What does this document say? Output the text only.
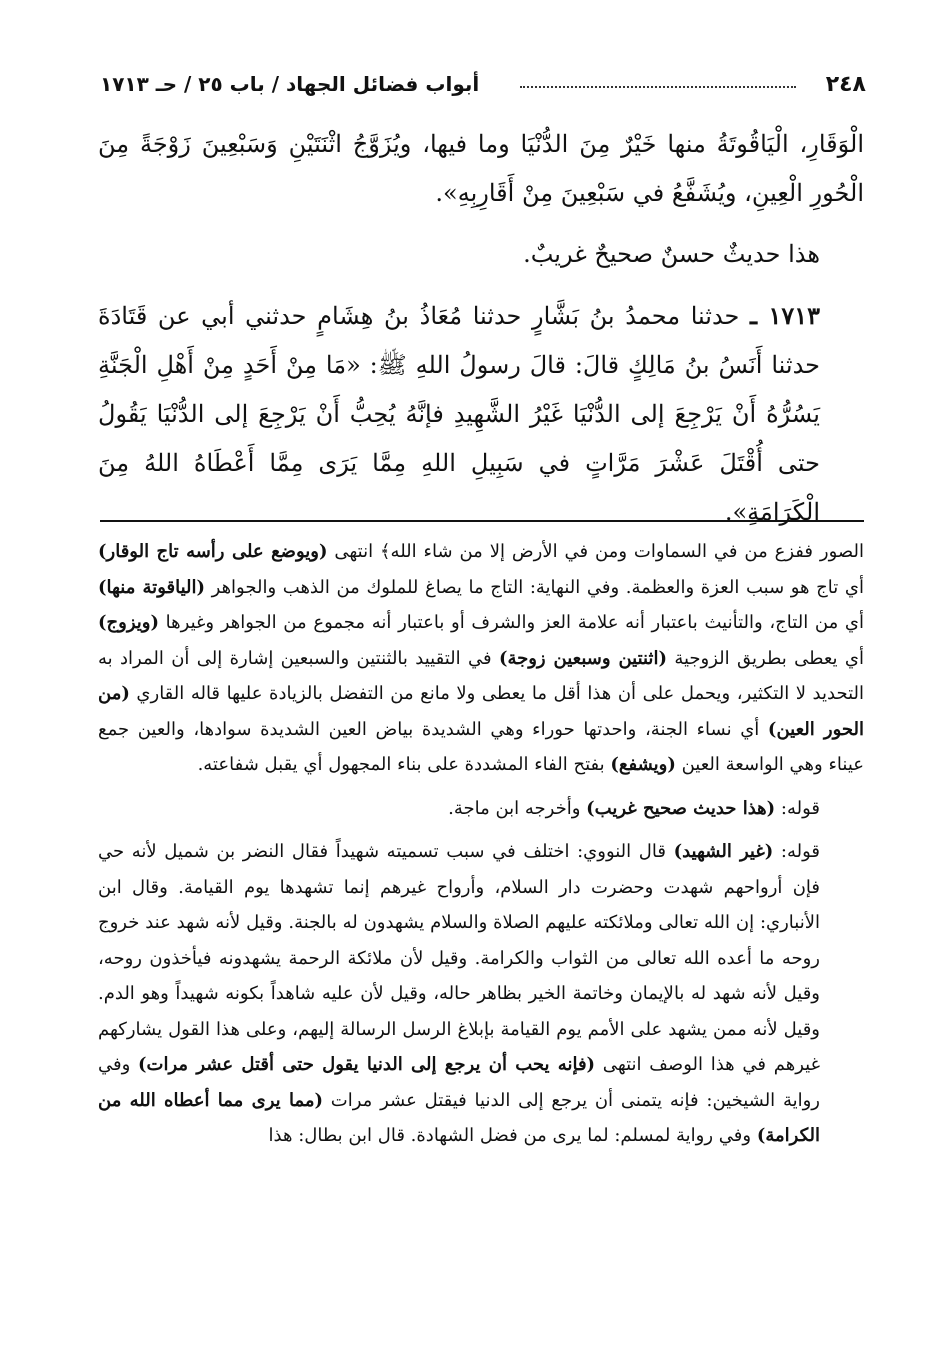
٢٤٨
أبواب فضائل الجهاد / باب ٢٥ / حـ ١٧١٣

الْوَقَارِ، الْيَاقُوتَةُ منها خَيْرٌ مِنَ الدُّنْيَا وما فيها، ويُزَوَّجُ اثْنَتَيْنِ وَسَبْعِينَ زَوْجَةً مِنَ الْحُورِ الْعِينِ، ويُشَفَّعُ في سَبْعِينَ مِنْ أَقَارِبِهِ».

هذا حديثٌ حسنٌ صحيحٌ غريبٌ.

١٧١٣ ـ حدثنا محمدُ بنُ بَشَّارٍ حدثنا مُعَاذُ بنُ هِشَامٍ حدثني أبي عن قَتَادَةَ حدثنا أَنَسُ بنُ مَالِكٍ قالَ: قالَ رسولُ اللهِ ﷺ: «مَا مِنْ أَحَدٍ مِنْ أَهْلِ الْجَنَّةِ يَسُرُّهُ أَنْ يَرْجِعَ إلى الدُّنْيَا غَيْرُ الشَّهِيدِ فإنَّهُ يُحِبُّ أَنْ يَرْجِعَ إلى الدُّنْيَا يَقُولُ حتى أُقْتَلَ عَشْرَ مَرَّاتٍ في سَبِيلِ اللهِ مِمَّا يَرَى مِمَّا أَعْطَاهُ اللهُ مِنَ الْكَرَامَةِ».

الصور ففزع من في السماوات ومن في الأرض إلا من شاء الله﴾ انتهى (ويوضع على رأسه تاج الوقار) أي تاج هو سبب العزة والعظمة. وفي النهاية: التاج ما يصاغ للملوك من الذهب والجواهر (الياقوتة منها) أي من التاج، والتأنيث باعتبار أنه علامة العز والشرف أو باعتبار أنه مجموع من الجواهر وغيرها (ويزوج) أي يعطى بطريق الزوجية (اثنتين وسبعين زوجة) في التقييد بالثنتين والسبعين إشارة إلى أن المراد به التحديد لا التكثير، ويحمل على أن هذا أقل ما يعطى ولا مانع من التفضل بالزيادة عليها قاله القاري (من الحور العين) أي نساء الجنة، واحدتها حوراء وهي الشديدة بياض العين الشديدة سوادها، والعين جمع عيناء وهي الواسعة العين (ويشفع) بفتح الفاء المشددة على بناء المجهول أي يقبل شفاعته.

قوله: (هذا حديث صحيح غريب) وأخرجه ابن ماجة.

قوله: (غير الشهيد) قال النووي: اختلف في سبب تسميته شهيداً فقال النضر بن شميل لأنه حي فإن أرواحهم شهدت وحضرت دار السلام، وأرواح غيرهم إنما تشهدها يوم القيامة. وقال ابن الأنباري: إن الله تعالى وملائكته عليهم الصلاة والسلام يشهدون له بالجنة. وقيل لأنه شهد عند خروج روحه ما أعده الله تعالى من الثواب والكرامة. وقيل لأن ملائكة الرحمة يشهدونه فيأخذون روحه، وقيل لأنه شهد له بالإيمان وخاتمة الخير بظاهر حاله، وقيل لأن عليه شاهداً بكونه شهيداً وهو الدم. وقيل لأنه ممن يشهد على الأمم يوم القيامة بإبلاغ الرسل الرسالة إليهم، وعلى هذا القول يشاركهم غيرهم في هذا الوصف انتهى (فإنه يحب أن يرجع إلى الدنيا يقول حتى أقتل عشر مرات) وفي رواية الشيخين: فإنه يتمنى أن يرجع إلى الدنيا فيقتل عشر مرات (مما يرى مما أعطاه الله من الكرامة) وفي رواية لمسلم: لما يرى من فضل الشهادة. قال ابن بطال: هذا
